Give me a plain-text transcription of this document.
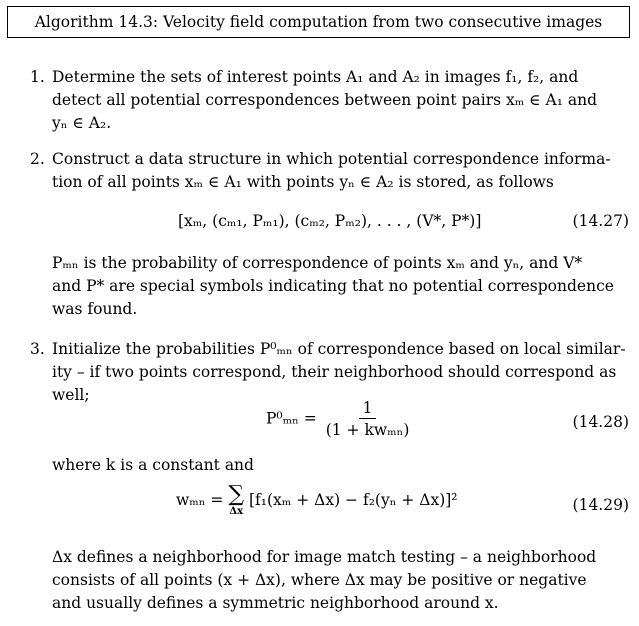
Algorithm 14.3: Velocity field computation from two consecutive images
1. Determine the sets of interest points A₁ and A₂ in images f₁, f₂, and
detect all potential correspondences between point pairs xₘ ∈ A₁ and
yₙ ∈ A₂.
2. Construct a data structure in which potential correspondence informa-
tion of all points xₘ ∈ A₁ with points yₙ ∈ A₂ is stored, as follows
[xₘ, (cₘ₁, Pₘ₁), (cₘ₂, Pₘ₂), . . . , (V*, P*)]	(14.27)
Pₘₙ is the probability of correspondence of points xₘ and yₙ, and V*
and P* are special symbols indicating that no potential correspondence
was found.
3. Initialize the probabilities P⁰ₘₙ of correspondence based on local similar-
ity – if two points correspond, their neighborhood should correspond as
well;
$P^0_{mn} = \frac{1}{\text{(1 + kwₘₙ)}}$	(14.28)
where k is a constant and
wₘₙ = ∑
Δx
[f₁(xₘ + Δx) − f₂(yₙ + Δx)]²	(14.29)
Δx defines a neighborhood for image match testing – a neighborhood
consists of all points (x + Δx), where Δx may be positive or negative
and usually defines a symmetric neighborhood around x.
